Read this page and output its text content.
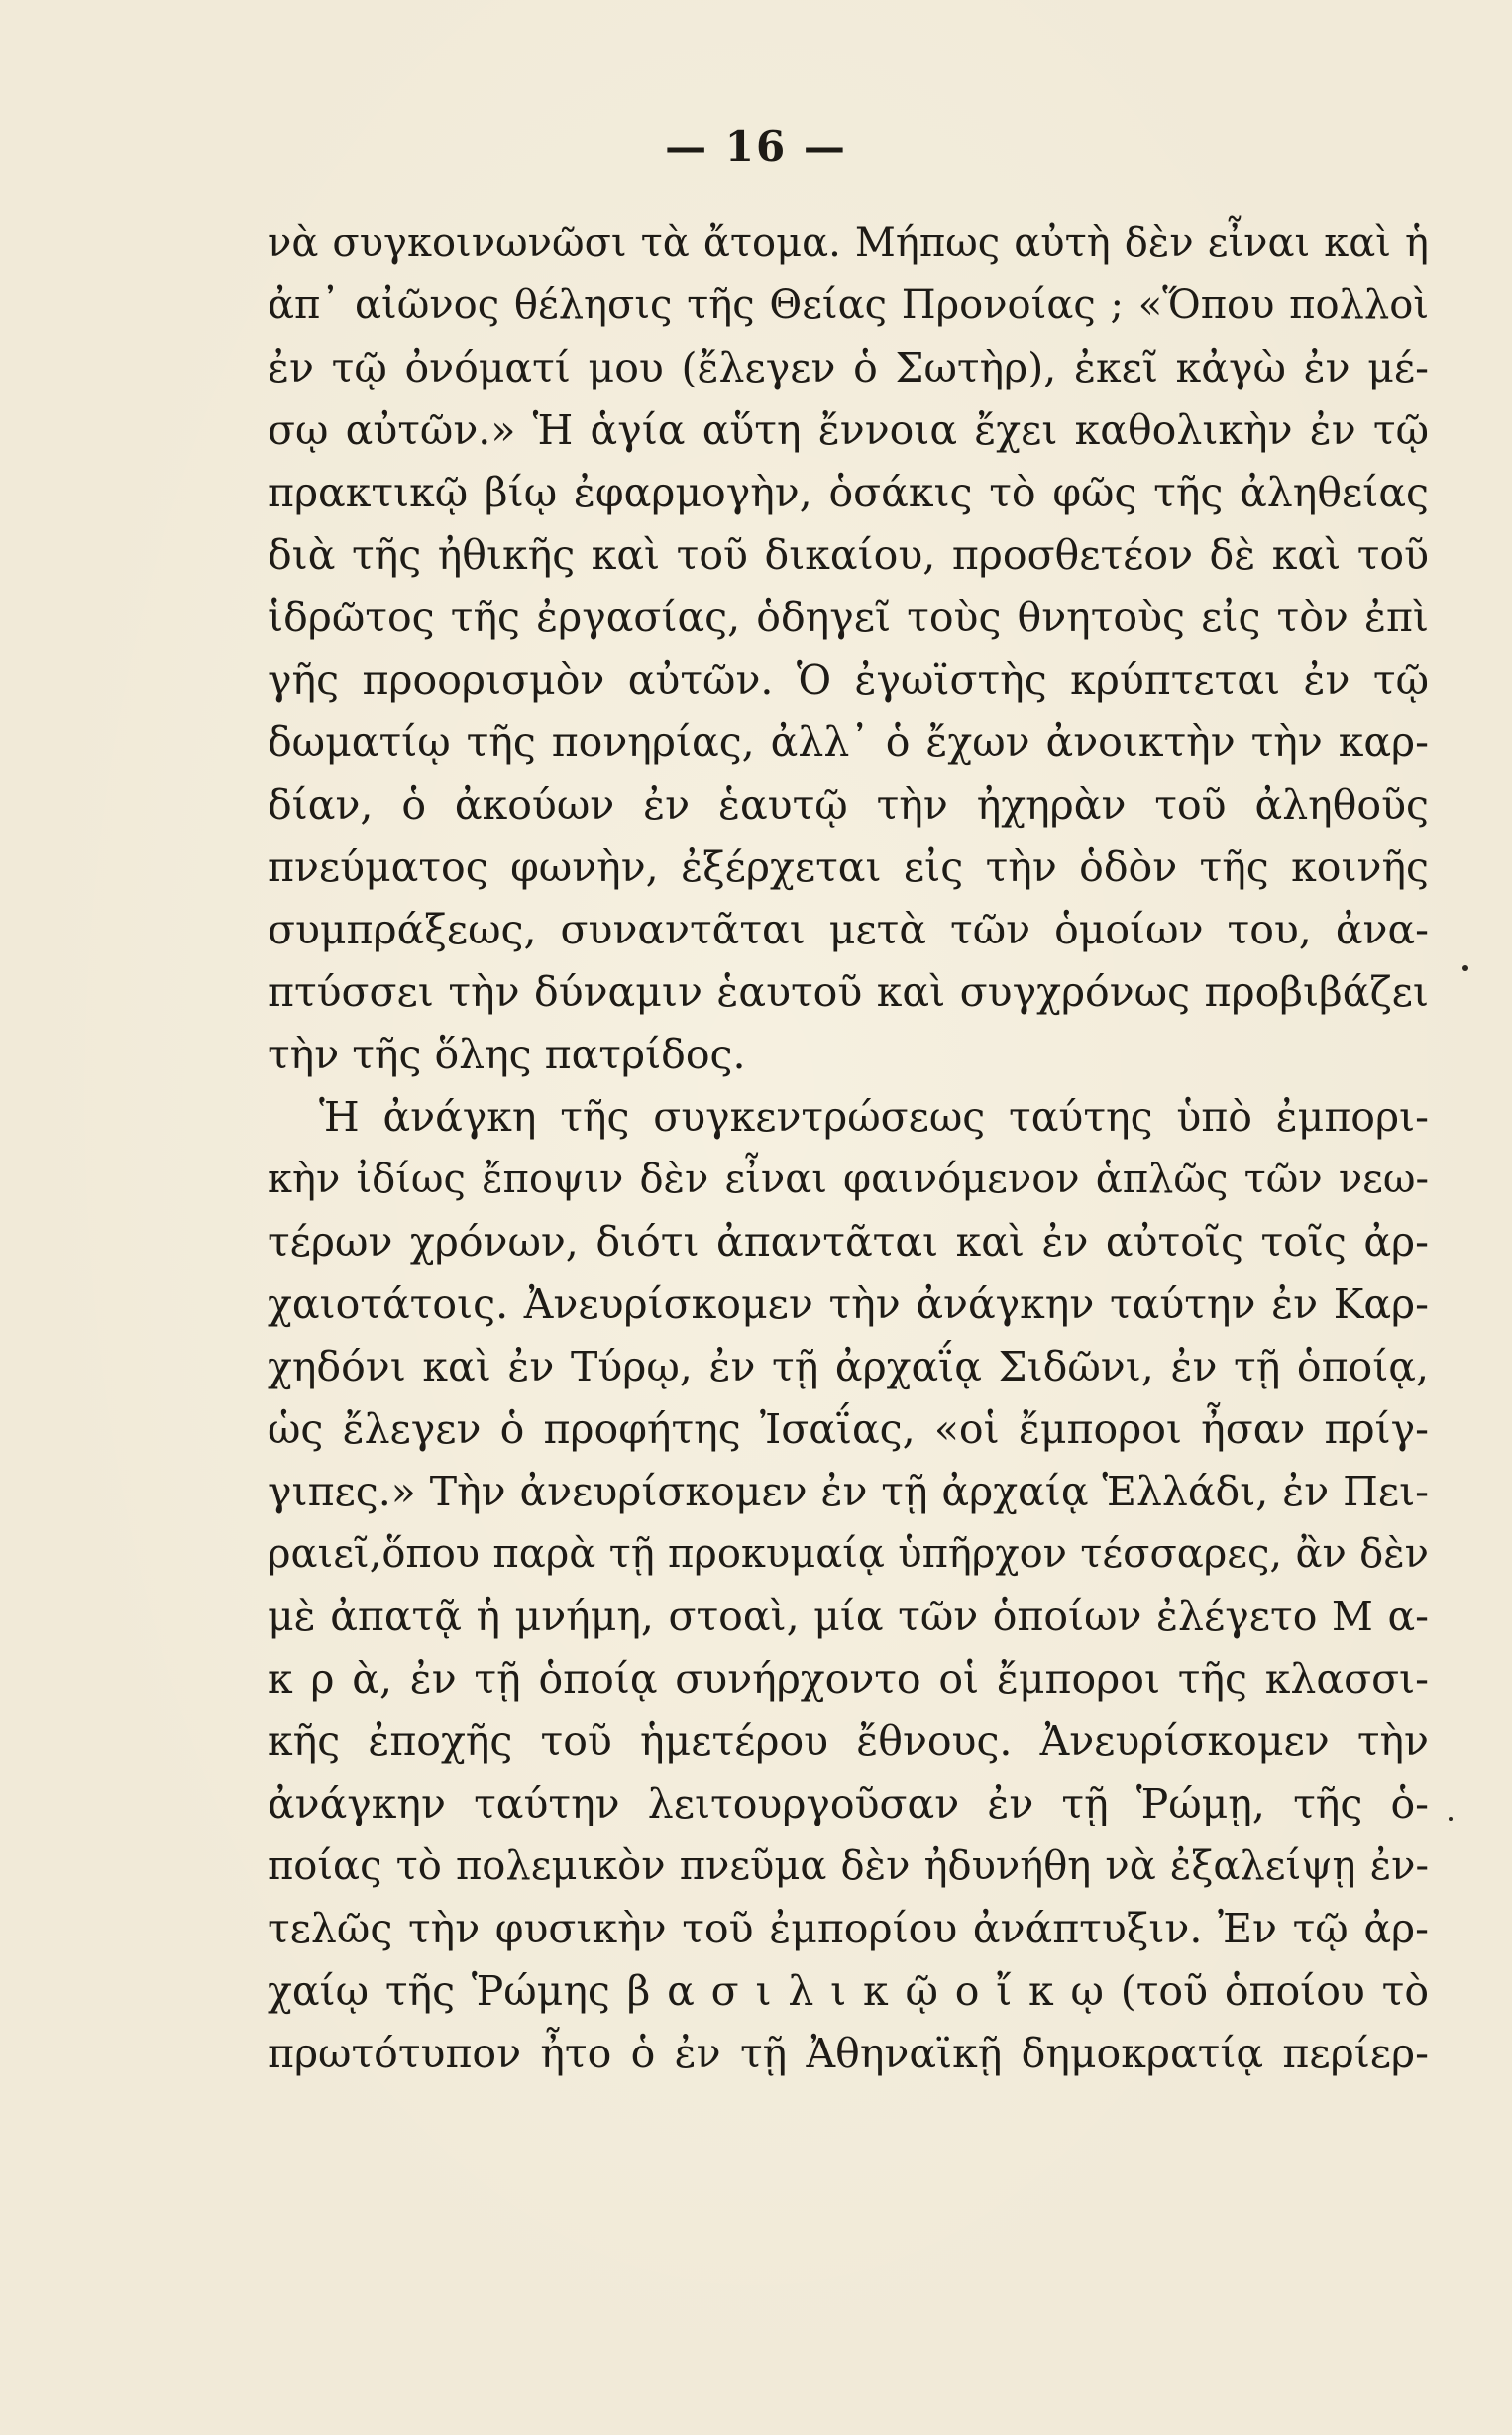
— 16 —
νὰ συγκοινωνῶσι τὰ ἄτομα. Μήπως αὐτὴ δὲν εἶναι καὶ ἡ
ἀπ᾽ αἰῶνος θέλησις τῆς Θείας Προνοίας ; «Ὅπου πολλοὶ
ἐν τῷ ὀνόματί μου (ἔλεγεν ὁ Σωτὴρ), ἐκεῖ κἀγὼ ἐν μέ-
σῳ αὐτῶν.» Ἡ ἁγία αὕτη ἔννοια ἔχει καθολικὴν ἐν τῷ
πρακτικῷ βίῳ ἐφαρμογὴν, ὁσάκις τὸ φῶς τῆς ἀληθείας
διὰ τῆς ἠθικῆς καὶ τοῦ δικαίου, προσθετέον δὲ καὶ τοῦ
ἱδρῶτος τῆς ἐργασίας, ὁδηγεῖ τοὺς θνητοὺς εἰς τὸν ἐπὶ
γῆς προορισμὸν αὐτῶν. Ὁ ἐγωϊστὴς κρύπτεται ἐν τῷ
δωματίῳ τῆς πονηρίας, ἀλλ᾽ ὁ ἔχων ἀνοικτὴν τὴν καρ-
δίαν, ὁ ἀκούων ἐν ἑαυτῷ τὴν ἠχηρὰν τοῦ ἀληθοῦς
πνεύματος φωνὴν, ἐξέρχεται εἰς τὴν ὁδὸν τῆς κοινῆς
συμπράξεως, συναντᾶται μετὰ τῶν ὁμοίων του, ἀνα-
πτύσσει τὴν δύναμιν ἑαυτοῦ καὶ συγχρόνως προβιβάζει
τὴν τῆς ὅλης πατρίδος.
Ἡ ἀνάγκη τῆς συγκεντρώσεως ταύτης ὑπὸ ἐμπορι-
κὴν ἰδίως ἔποψιν δὲν εἶναι φαινόμενον ἁπλῶς τῶν νεω-
τέρων χρόνων, διότι ἀπαντᾶται καὶ ἐν αὐτοῖς τοῖς ἀρ-
χαιοτάτοις. Ἀνευρίσκομεν τὴν ἀνάγκην ταύτην ἐν Καρ-
χηδόνι καὶ ἐν Τύρῳ, ἐν τῇ ἀρχαΐᾳ Σιδῶνι, ἐν τῇ ὁποίᾳ,
ὡς ἔλεγεν ὁ προφήτης Ἰσαΐας, «οἱ ἔμποροι ἦσαν πρίγ-
γιπες.» Τὴν ἀνευρίσκομεν ἐν τῇ ἀρχαίᾳ Ἑλλάδι, ἐν Πει-
ραιεῖ,ὅπου παρὰ τῇ προκυμαίᾳ ὑπῆρχον τέσσαρες, ἂν δὲν
μὲ ἀπατᾷ ἡ μνήμη, στοαὶ, μία τῶν ὁποίων ἐλέγετο Μ α-
κ ρ ὰ, ἐν τῇ ὁποίᾳ συνήρχοντο οἱ ἔμποροι τῆς κλασσι-
κῆς ἐποχῆς τοῦ ἡμετέρου ἔθνους. Ἀνευρίσκομεν τὴν
ἀνάγκην ταύτην λειτουργοῦσαν ἐν τῇ Ῥώμῃ, τῆς ὁ-
ποίας τὸ πολεμικὸν πνεῦμα δὲν ἠδυνήθη νὰ ἐξαλείψῃ ἐν-
τελῶς τὴν φυσικὴν τοῦ ἐμπορίου ἀνάπτυξιν. Ἐν τῷ ἀρ-
χαίῳ τῆς Ῥώμης β α σ ι λ ι κ ῷ ο ἴ κ ῳ (τοῦ ὁποίου τὸ
πρωτότυπον ἦτο ὁ ἐν τῇ Ἀθηναϊκῇ δημοκρατίᾳ περίερ-
